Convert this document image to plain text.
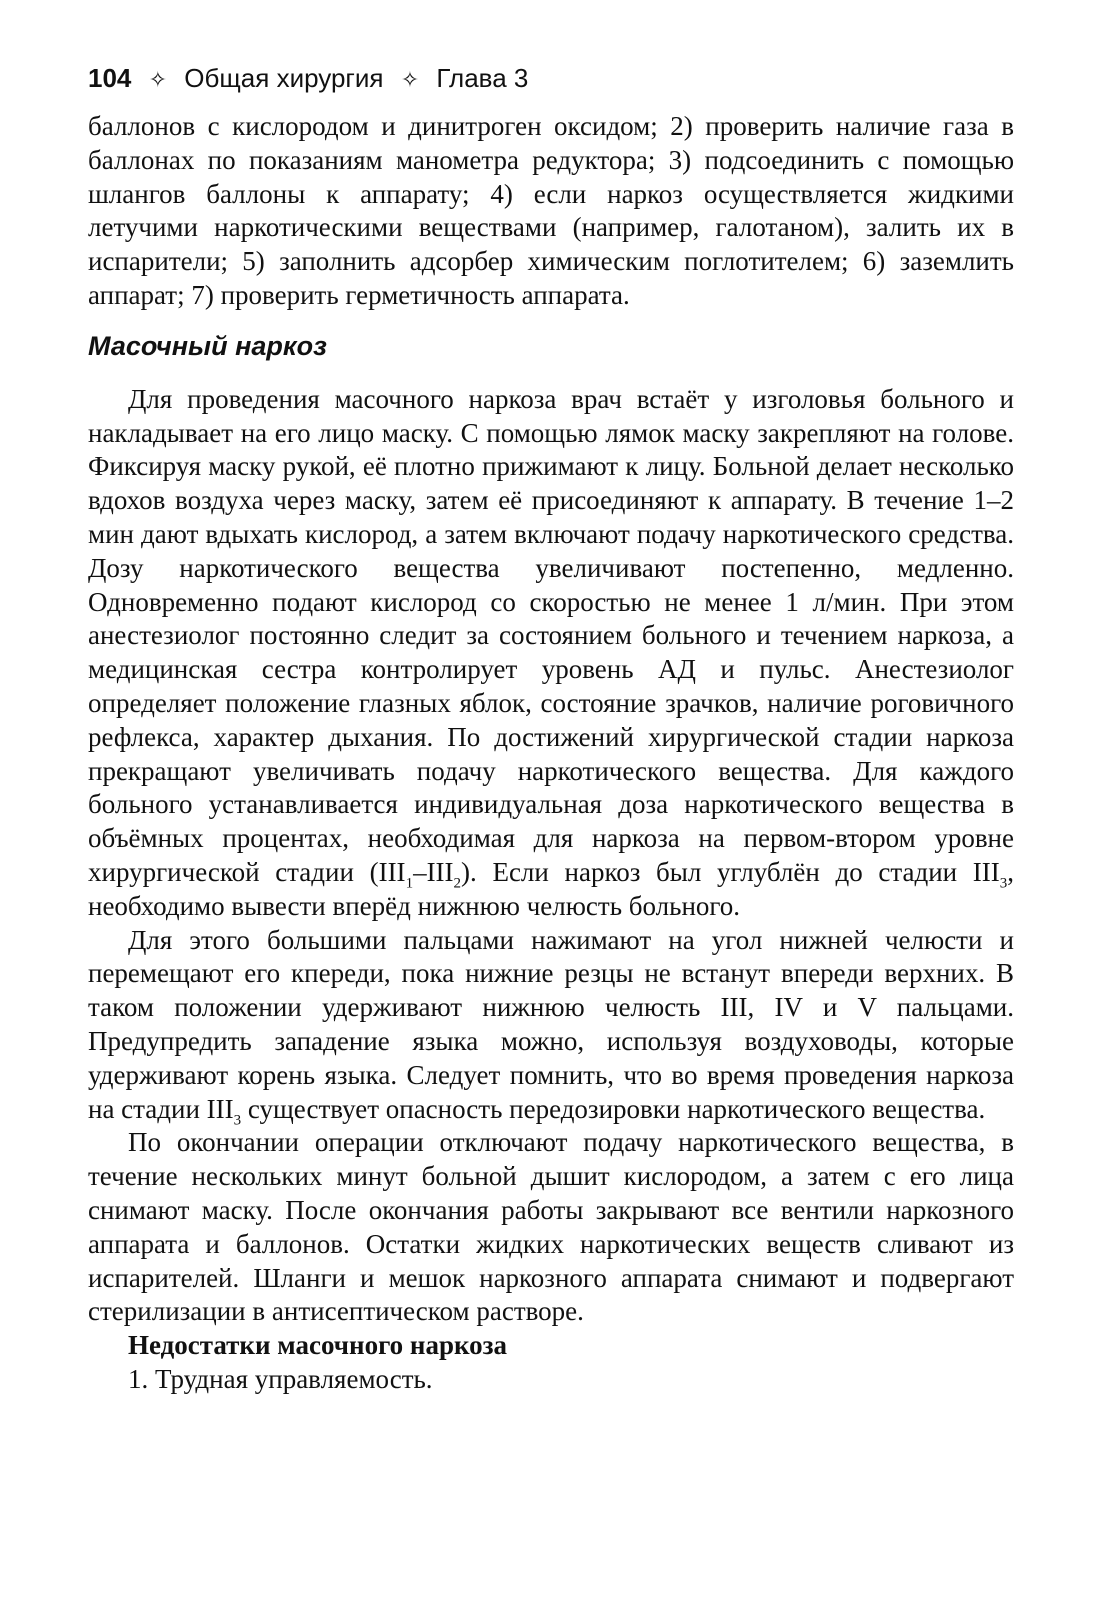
104 ✧ Общая хирургия ✧ Глава 3

баллонов с кислородом и динитроген оксидом; 2) проверить наличие газа в баллонах по показаниям манометра редуктора; 3) подсоединить с помощью шлангов баллоны к аппарату; 4) если наркоз осуществляется жидкими летучими наркотическими веществами (например, галотаном), залить их в испарители; 5) заполнить адсорбер химическим поглотителем; 6) заземлить аппарат; 7) проверить герметичность аппарата.

Масочный наркоз

Для проведения масочного наркоза врач встаёт у изголовья больного и накладывает на его лицо маску. С помощью лямок маску закрепляют на голове. Фиксируя маску рукой, её плотно прижимают к лицу. Больной делает несколько вдохов воздуха через маску, затем её присоединяют к аппарату. В течение 1–2 мин дают вдыхать кислород, а затем включают подачу наркотического средства. Дозу наркотического вещества увеличивают постепенно, медленно. Одновременно подают кислород со скоростью не менее 1 л/мин. При этом анестезиолог постоянно следит за состоянием больного и течением наркоза, а медицинская сестра контролирует уровень АД и пульс. Анестезиолог определяет положение глазных яблок, состояние зрачков, наличие роговичного рефлекса, характер дыхания. По достижений хирургической стадии наркоза прекращают увеличивать подачу наркотического вещества. Для каждого больного устанавливается индивидуальная доза наркотического вещества в объёмных процентах, необходимая для наркоза на первом-втором уровне хирургической стадии $(III_1-III_2)$. Если наркоз был углублён до стадии $III_3$, необходимо вывести вперёд нижнюю челюсть больного.

Для этого большими пальцами нажимают на угол нижней челюсти и перемещают его кпереди, пока нижние резцы не встанут впереди верхних. В таком положении удерживают нижнюю челюсть III, IV и V пальцами. Предупредить западение языка можно, используя воздуховоды, которые удерживают корень языка. Следует помнить, что во время проведения наркоза на стадии $III_3$ существует опасность передозировки наркотического вещества.

По окончании операции отключают подачу наркотического вещества, в течение нескольких минут больной дышит кислородом, а затем с его лица снимают маску. После окончания работы закрывают все вентили наркозного аппарата и баллонов. Остатки жидких наркотических веществ сливают из испарителей. Шланги и мешок наркозного аппарата снимают и подвергают стерилизации в антисептическом растворе.

Недостатки масочного наркоза

1. Трудная управляемость.
